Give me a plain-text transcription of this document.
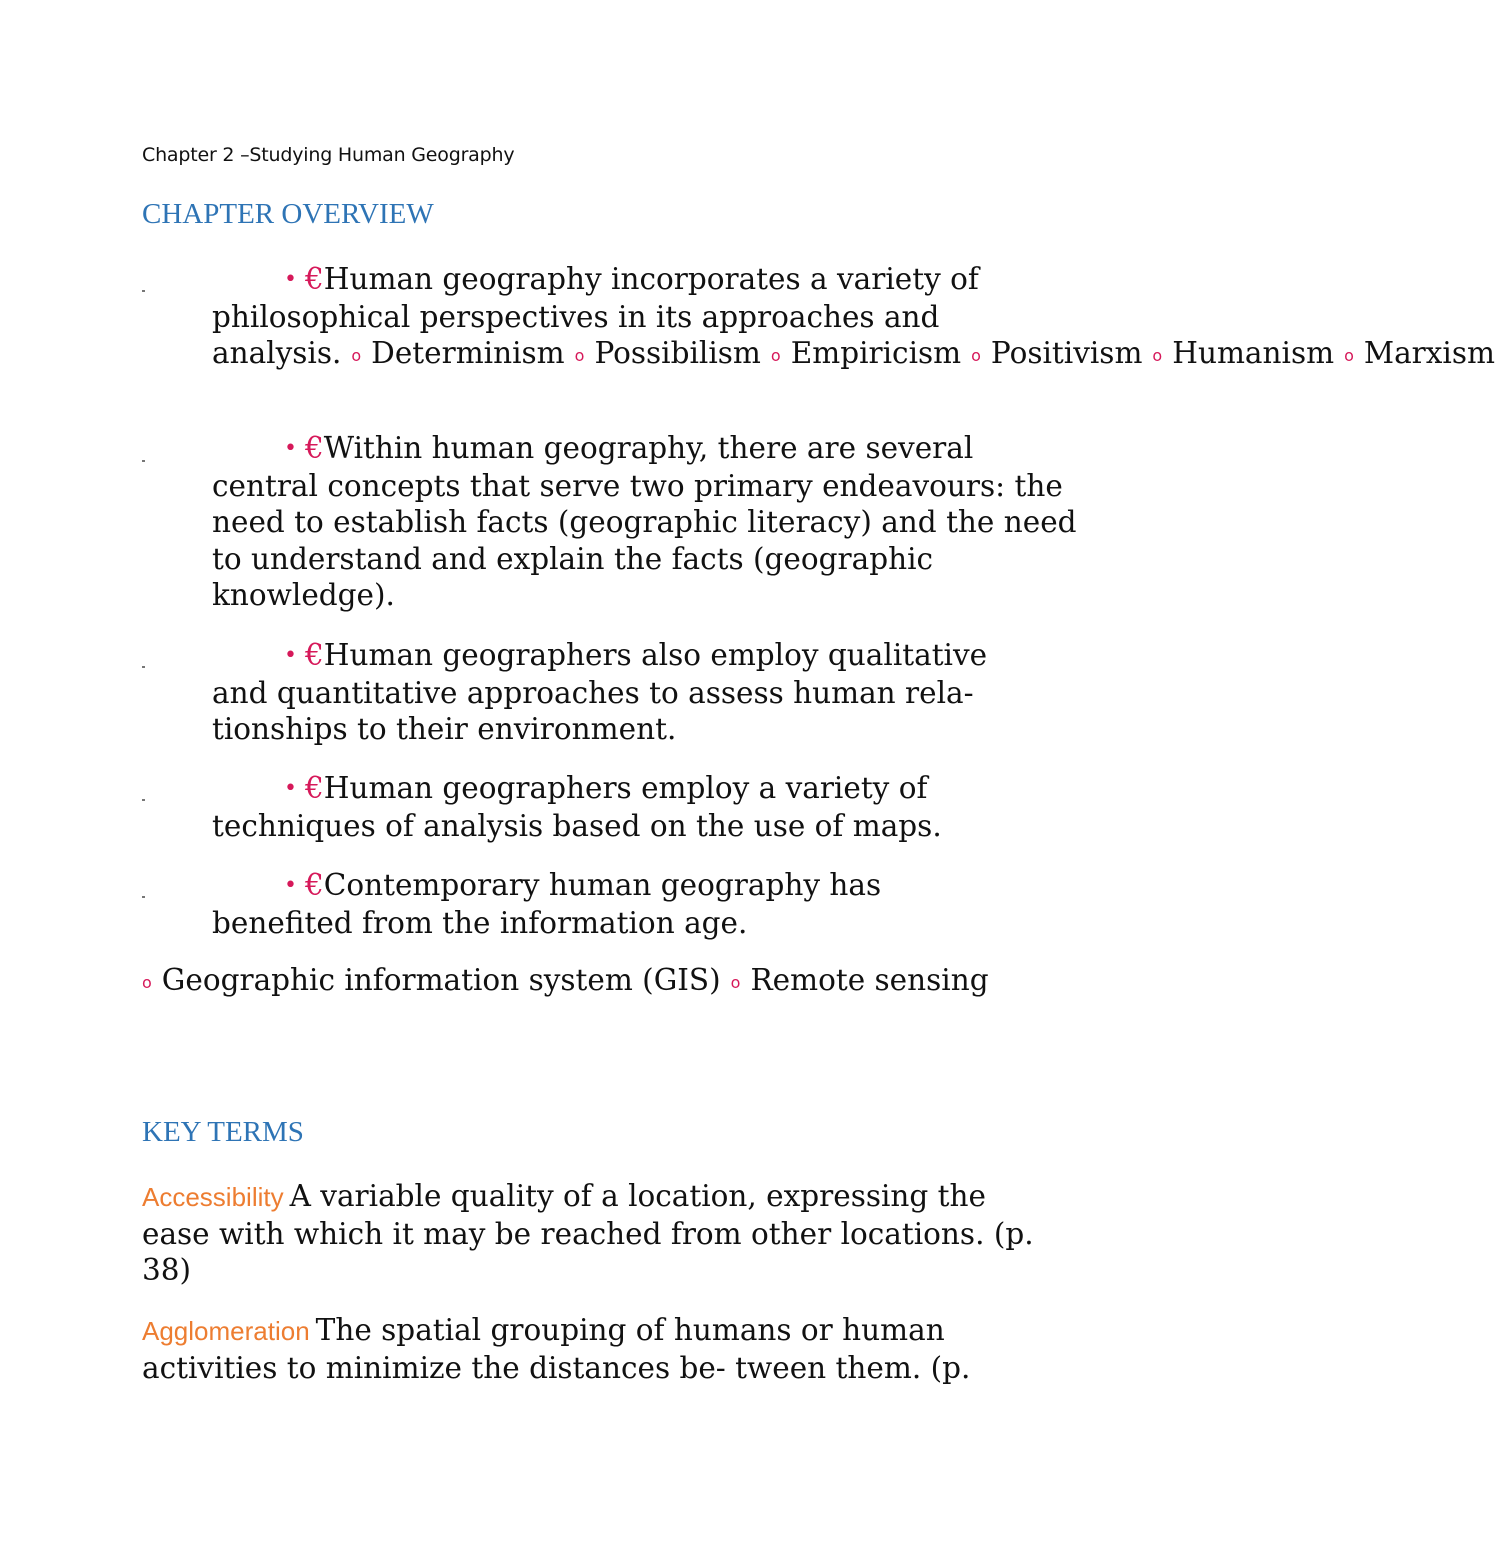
Chapter 2 –Studying Human Geography
CHAPTER OVERVIEW
• €Human geography incorporates a variety of
philosophical perspectives in its approaches and analysis. o Determinism o Possibilism o Empiricism o Positivism o Humanism o Marxism
• €Within human geography, there are several
central concepts that serve two primary endeavours: the need to establish facts (geographic literacy) and the need to understand and explain the facts (geographic knowledge).
• €Human geographers also employ qualitative
and quantitative approaches to assess human rela- tionships to their environment.
• €Human geographers employ a variety of
techniques of analysis based on the use of maps.
• €Contemporary human geography has
benefited from the information age.
o Geographic information system (GIS) o Remote sensing
KEY TERMS
Accessibility A variable quality of a location, expressing the ease with which it may be reached from other locations. (p. 38)
Agglomeration The spatial grouping of humans or human activities to minimize the distances be- tween them. (p.
